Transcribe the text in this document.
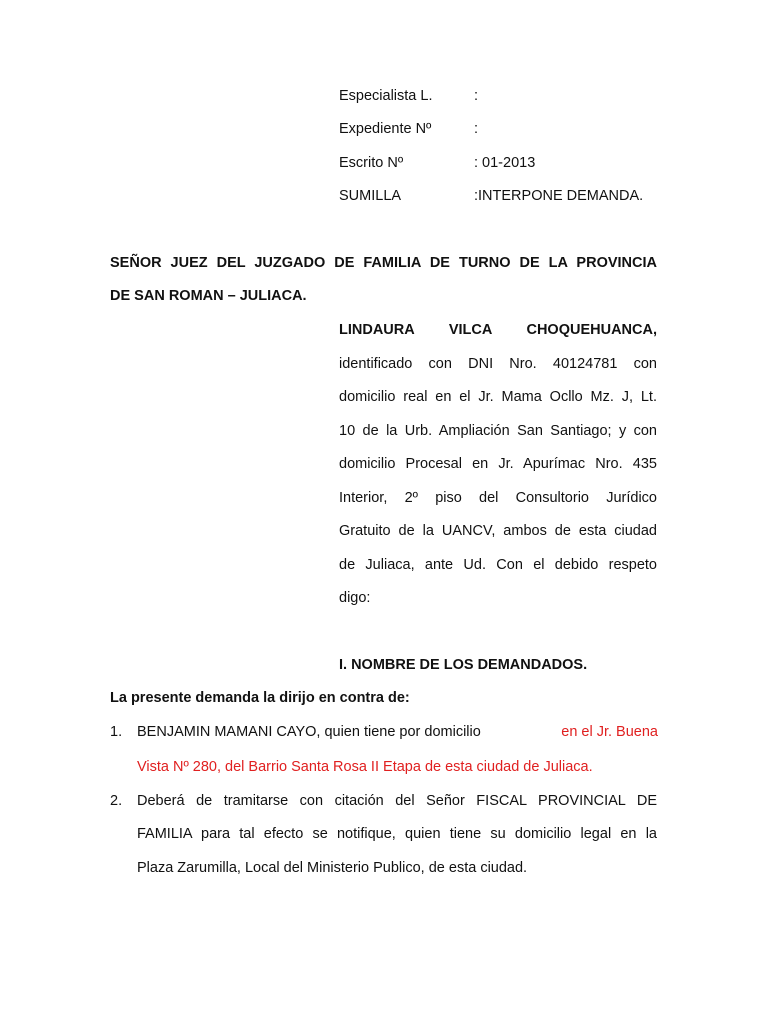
Especialista L.	:
Expediente Nº	:
Escrito Nº	: 01-2013
SUMILLA	:INTERPONE DEMANDA.
SEÑOR JUEZ DEL JUZGADO DE FAMILIA DE TURNO DE LA PROVINCIA
DE SAN ROMAN – JULIACA.
LINDAURA VILCA CHOQUEHUANCA,
identificado con DNI Nro. 40124781 con
domicilio real en el Jr. Mama Ocllo Mz. J, Lt.
10 de la Urb. Ampliación San Santiago; y con
domicilio Procesal en Jr. Apurímac Nro. 435
Interior, 2º piso del Consultorio Jurídico
Gratuito de la UANCV, ambos de esta ciudad
de Juliaca, ante Ud. Con el debido respeto
digo:
I. NOMBRE DE LOS DEMANDADOS.
La presente demanda la dirijo en contra de:
1. BENJAMIN MAMANI CAYO, quien tiene por domicilio	en el Jr. Buena
Vista Nº 280, del Barrio Santa Rosa II Etapa de esta ciudad de Juliaca.
2. Deberá de tramitarse con citación del Señor FISCAL PROVINCIAL DE
FAMILIA para tal efecto se notifique, quien tiene su domicilio legal en la
Plaza Zarumilla, Local del Ministerio Publico, de esta ciudad.
